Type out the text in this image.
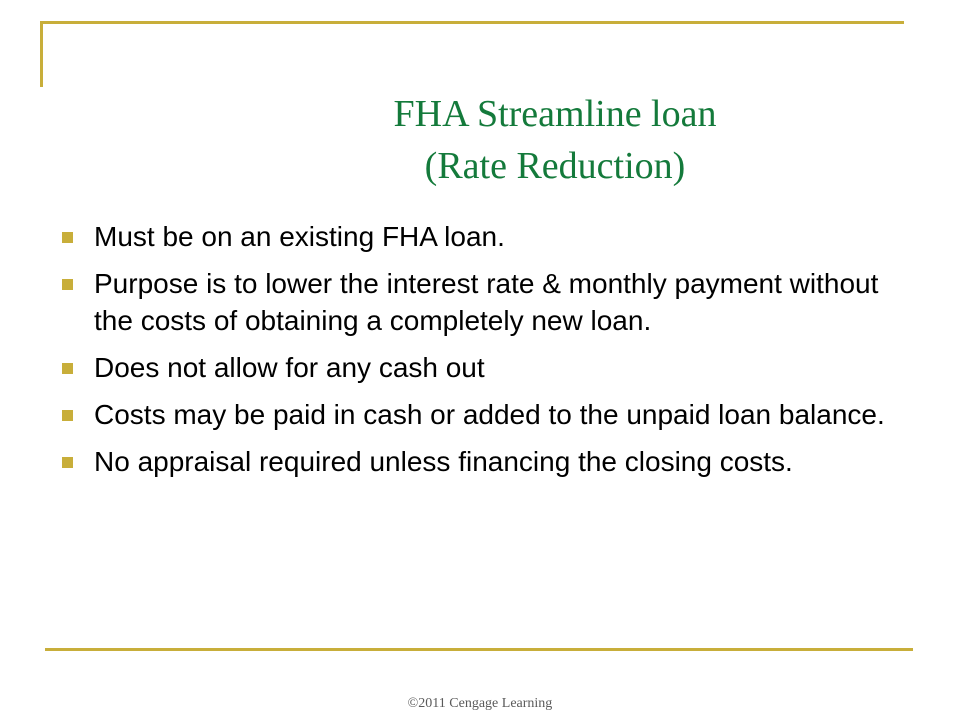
FHA Streamline loan
(Rate Reduction)
Must be on an existing FHA loan.
Purpose is to lower the interest rate & monthly payment without the costs of obtaining a completely new loan.
Does not allow for any cash out
Costs may be paid in cash or added to the unpaid loan balance.
No appraisal required unless financing the closing costs.
©2011 Cengage Learning
